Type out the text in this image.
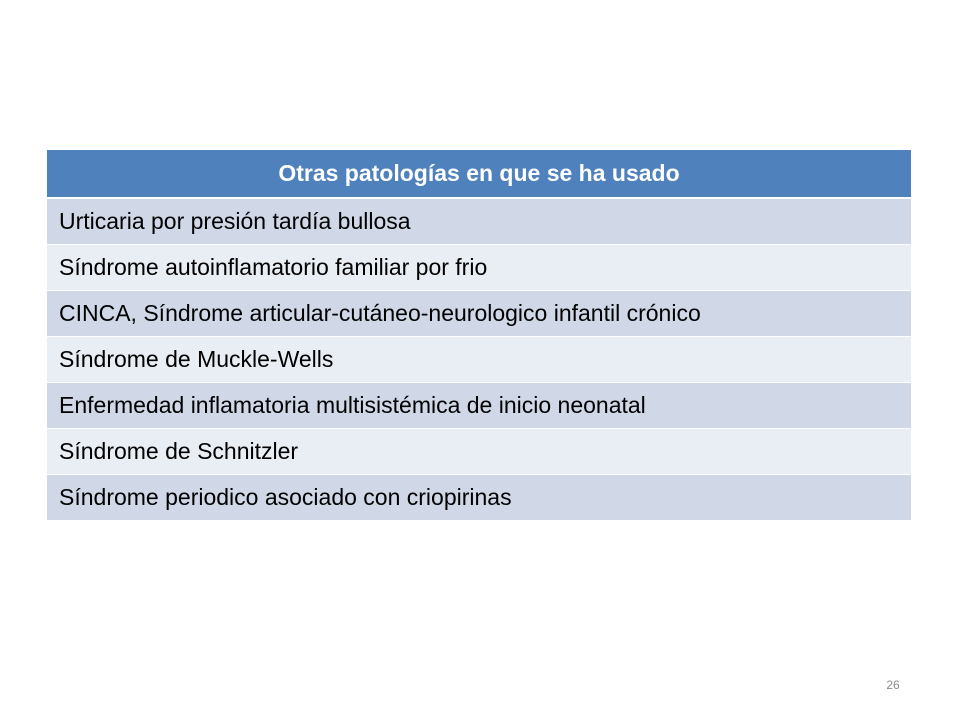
Otras patologías en que se ha usado
Urticaria por presión tardía bullosa
Síndrome autoinflamatorio familiar por frio
CINCA, Síndrome articular-cutáneo-neurologico infantil crónico
Síndrome de Muckle-Wells
Enfermedad inflamatoria multisistémica de inicio neonatal
Síndrome de Schnitzler
Síndrome periodico asociado con criopirinas
26
